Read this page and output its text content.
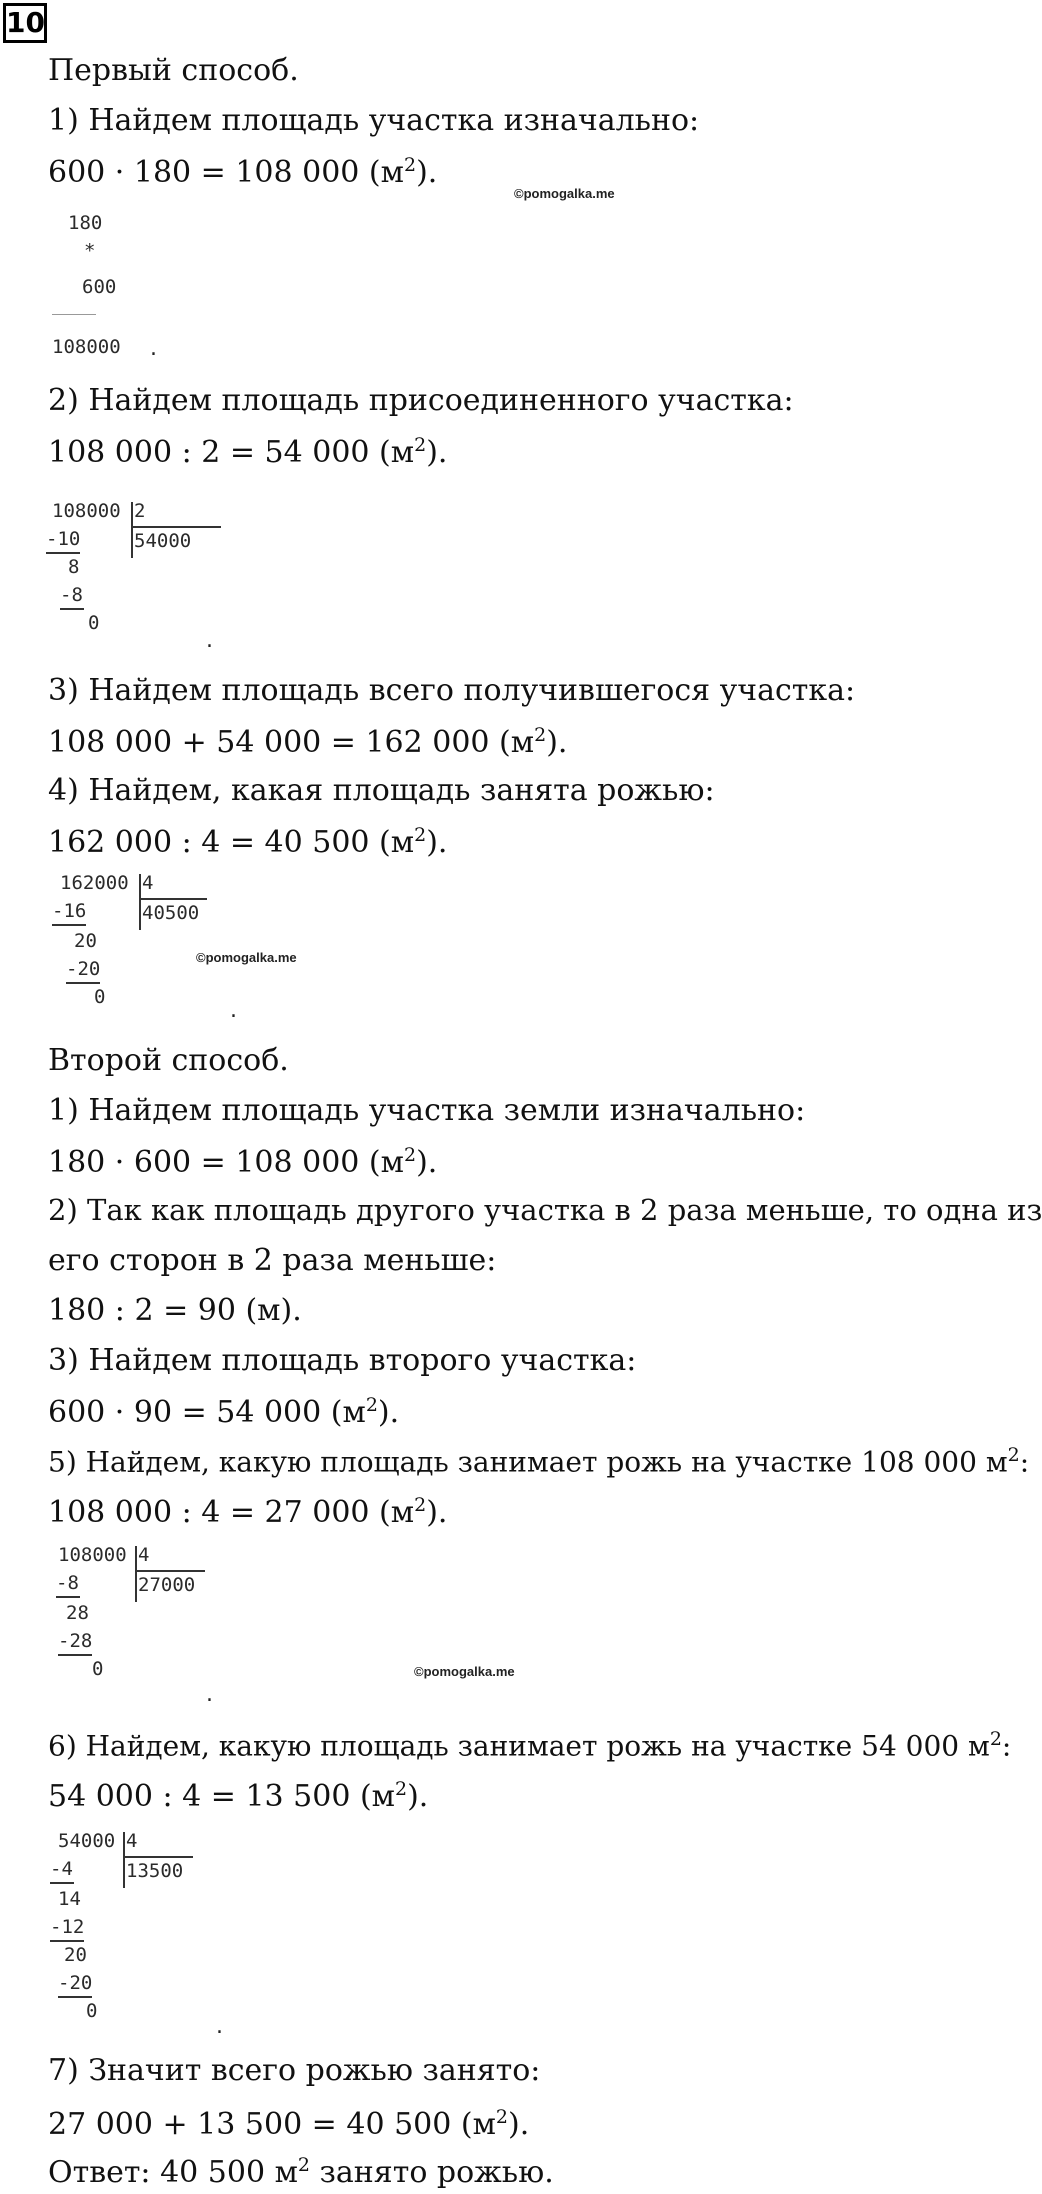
10
Первый способ.
1) Найдем площадь участка изначально:
600 · 180 = 108 000 $(м^2)$.
©pomogalka.me
180
*
600
108000 .
2) Найдем площадь присоединенного участка:
108 000 : 2 = 54 000 $(м^2)$.
108000 2
54000
-10
8
-8
0
.
3) Найдем площадь всего получившегося участка:
108 000 + 54 000 = 162 000 $(м^2)$.
4) Найдем, какая площадь занята рожью:
162 000 : 4 = 40 500 $(м^2)$.
162000 4
40500
-16
20
-20
0
©pomogalka.me
.
Второй способ.
1) Найдем площадь участка земли изначально:
180 · 600 = 108 000 $(м^2)$.
2) Так как площадь другого участка в 2 раза меньше, то одна из
его сторон в 2 раза меньше:
180 : 2 = 90 (м).
3) Найдем площадь второго участка:
600 · 90 = 54 000 $(м^2)$.
5) Найдем, какую площадь занимает рожь на участке 108 000 $м^2$:
108 000 : 4 = 27 000 $(м^2)$.
108000 4
27000
-8
28
-28
0	©pomogalka.me
.
6) Найдем, какую площадь занимает рожь на участке 54 000 $м^2$:
54 000 : 4 = 13 500 $(м^2)$.
54000 4
13500
-4
14
-12
20
-20
0
.
7) Значит всего рожью занято:
27 000 + 13 500 = 40 500 $(м^2)$.
Ответ: 40 500 $м^2$ занято рожью.
